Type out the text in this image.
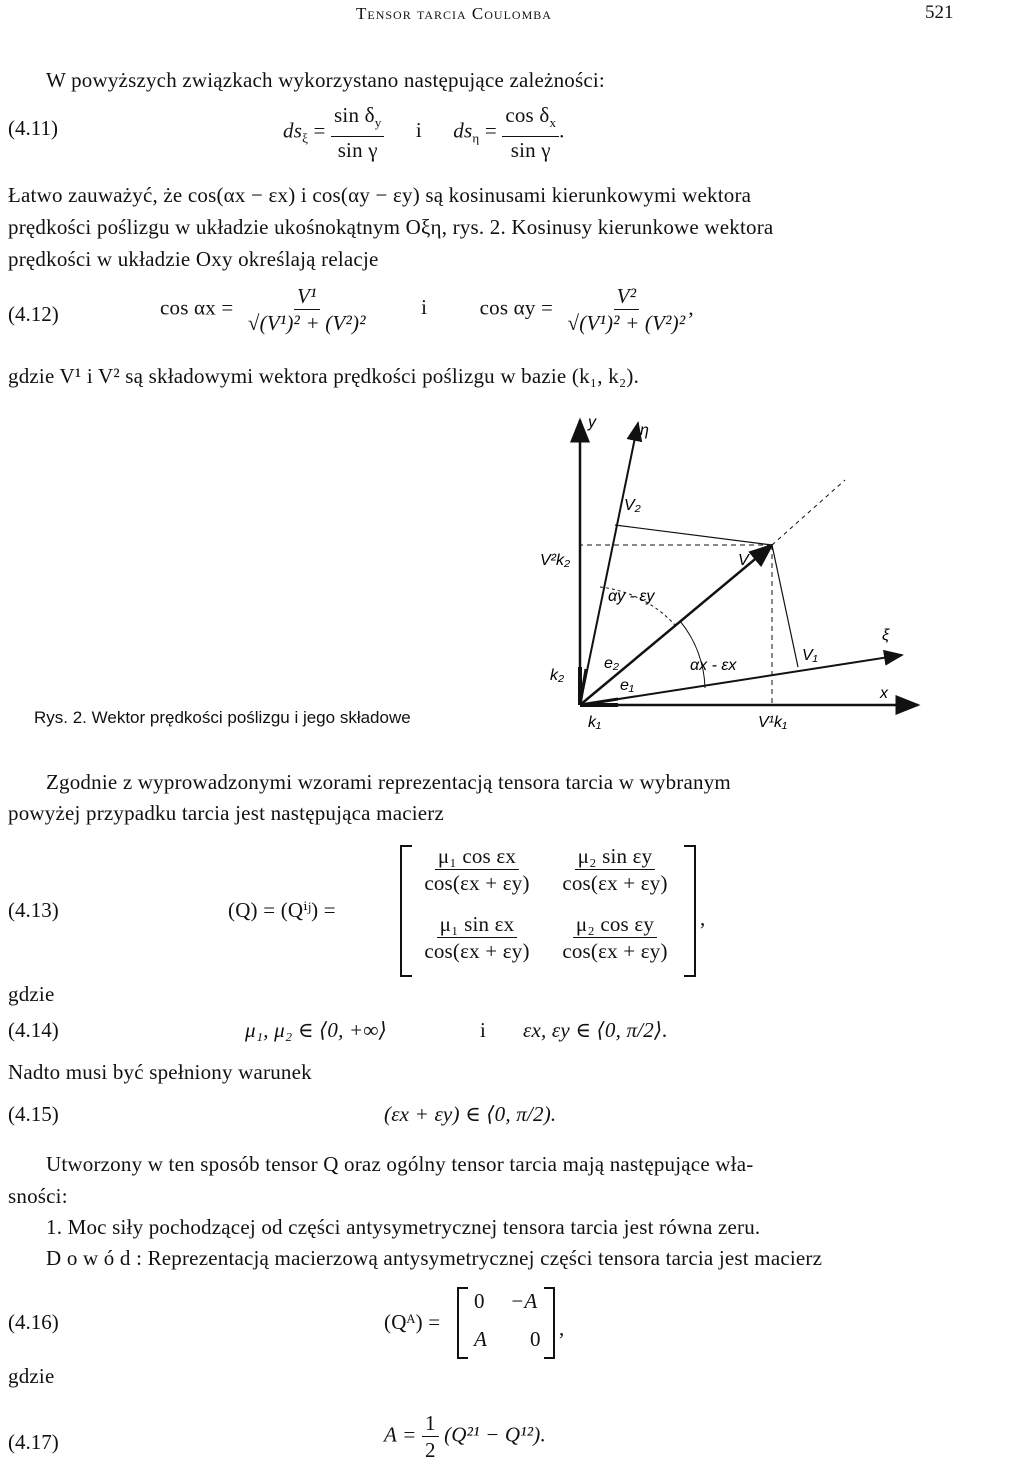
Tensor tarcia Coulomba	521
W powyższych związkach wykorzystano następujące zależności:
(4.11)	$ds_\xi = \frac{\sin \delta_y}{\text{sin γ}}$ i $ds_\eta = \frac{\cos \delta_x}{\text{sin γ}}$ .
Łatwo zauważyć, że cos(αx − εx) i cos(αy − εy) są kosinusami kierunkowymi wektora
prędkości poślizgu w układzie ukośnokątnym Oξη, rys. 2. Kosinusy kierunkowe wektora
prędkości w układzie Oxy określają relacje
(4.12)	$\cos \alpha x = \frac{\text{V¹}}{\text{√(V¹)² + (V²)²}}$ i $\cos \alpha y = \frac{\text{V²}}{\text{√(V¹)² + (V²)²}}$ ,
gdzie V¹ i V² są składowymi wektora prędkości poślizgu w bazie (k₁, k₂).
y	η
V₂
V²k₂	V
αy - εy
e₂
k₂
e₁
αx - εx
V₁
ξ
x
k₁	V¹k₁
Rys. 2. Wektor prędkości poślizgu i jego składowe
Zgodnie z wyprowadzonymi wzorami reprezentacją tensora tarcia w wybranym
powyżej przypadku tarcia jest następująca macierz
(4.13)	(Q) = (Qⁱʲ) =	,
$\frac{\text{μ₁ cos εx}}{\cos(\varepsilon x + \varepsilon y)} \frac{\text{μ₂ sin εy}}{\cos(\varepsilon x + \varepsilon y)}$
$\frac{\text{μ₁ sin εx}}{\cos(\varepsilon x + \varepsilon y)} \frac{\text{μ₂ cos εy}}{\cos(\varepsilon x + \varepsilon y)}$
gdzie
(4.14)	μ₁, μ₂ ∈ ⟨0, +∞⟩	i εx, εy ∈ ⟨0, π/2⟩.
Nadto musi być spełniony warunek
(4.15)	(εx + εy) ∈ ⟨0, π/2).
Utworzony w ten sposób tensor Q oraz ogólny tensor tarcia mają następujące wła-
sności:
1. Moc siły pochodzącej od części antysymetrycznej tensora tarcia jest równa zeru.
D o w ó d : Reprezentacją macierzową antysymetrycznej części tensora tarcia jest macierz
(4.16)	(Qᴬ) =
0 −A
A 0 ,
gdzie
(4.17)	$A = \frac{1}{2} (Q^{21} - Q^{12})$.
